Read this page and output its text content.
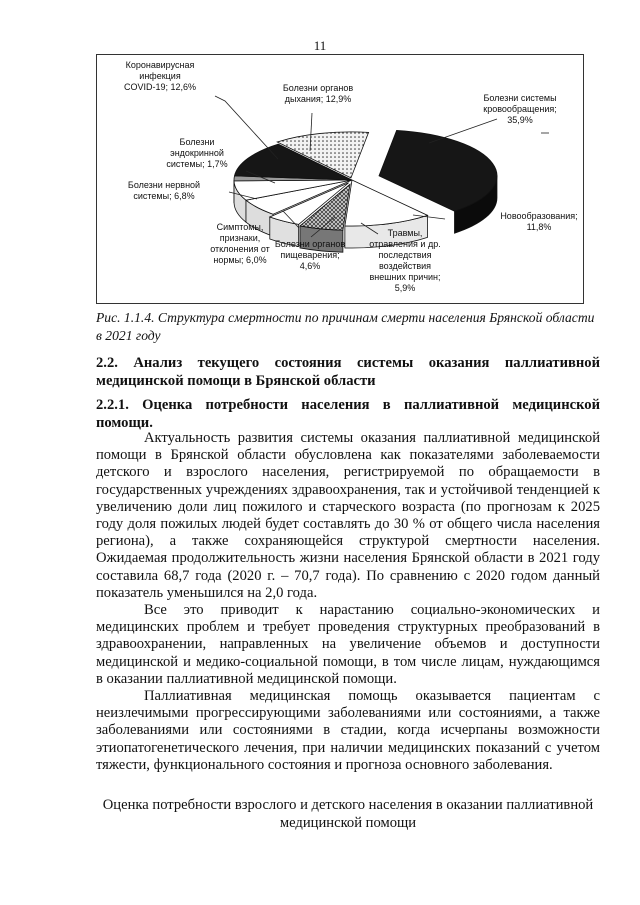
11
Коронавирусная
инфекция
COVID-19; 12,6%	Болезни органов
дыхания; 12,9%	Болезни системы
кровообращения;
35,9%
Болезни
эндокринной
системы; 1,7%
Болезни нервной
системы; 6,8%
Новообразования;
11,8%
Симптомы,
признаки,
отклонения от
нормы; 6,0%
Болезни органов
пищеварения;
4,6%
Травмы,
отравления и др.
последствия
воздействия
внешних причин;
5,9%
Рис. 1.1.4. Структура смертности по причинам смерти населения Брянской области в 2021 году
2.2. Анализ текущего состояния системы оказания паллиативной медицинской помощи в Брянской области
2.2.1. Оценка потребности населения в паллиативной медицинской помощи.

Актуальность развития системы оказания паллиативной медицинской помощи в Брянской области обусловлена как показателями заболеваемости детского и взрослого населения, регистрируемой по обращаемости в государственных учреждениях здравоохранения, так и устойчивой тенденцией к увеличению доли лиц пожилого и старческого возраста (по прогнозам к 2025 году доля пожилых людей будет составлять до 30 % от общего числа населения региона), а также сохраняющейся структурой смертности населения. Ожидаемая продолжительность жизни населения Брянской области в 2021 году составила 68,7 года (2020 г. – 70,7 года). По сравнению с 2020 годом данный показатель уменьшился на 2,0 года.

Все это приводит к нарастанию социально-экономических и медицинских проблем и требует проведения структурных преобразований в здравоохранении, направленных на увеличение объемов и доступности медицинской и медико-социальной помощи, в том числе лицам, нуждающимся в оказании паллиативной медицинской помощи.

Паллиативная медицинская помощь оказывается пациентам с неизлечимыми прогрессирующими заболеваниями или состояниями, а также заболеваниями или состояниями в стадии, когда исчерпаны возможности этиопатогенетического лечения, при наличии медицинских показаний с учетом тяжести, функционального состояния и прогноза основного заболевания.

Оценка потребности взрослого и детского населения в оказании паллиативной медицинской помощи
